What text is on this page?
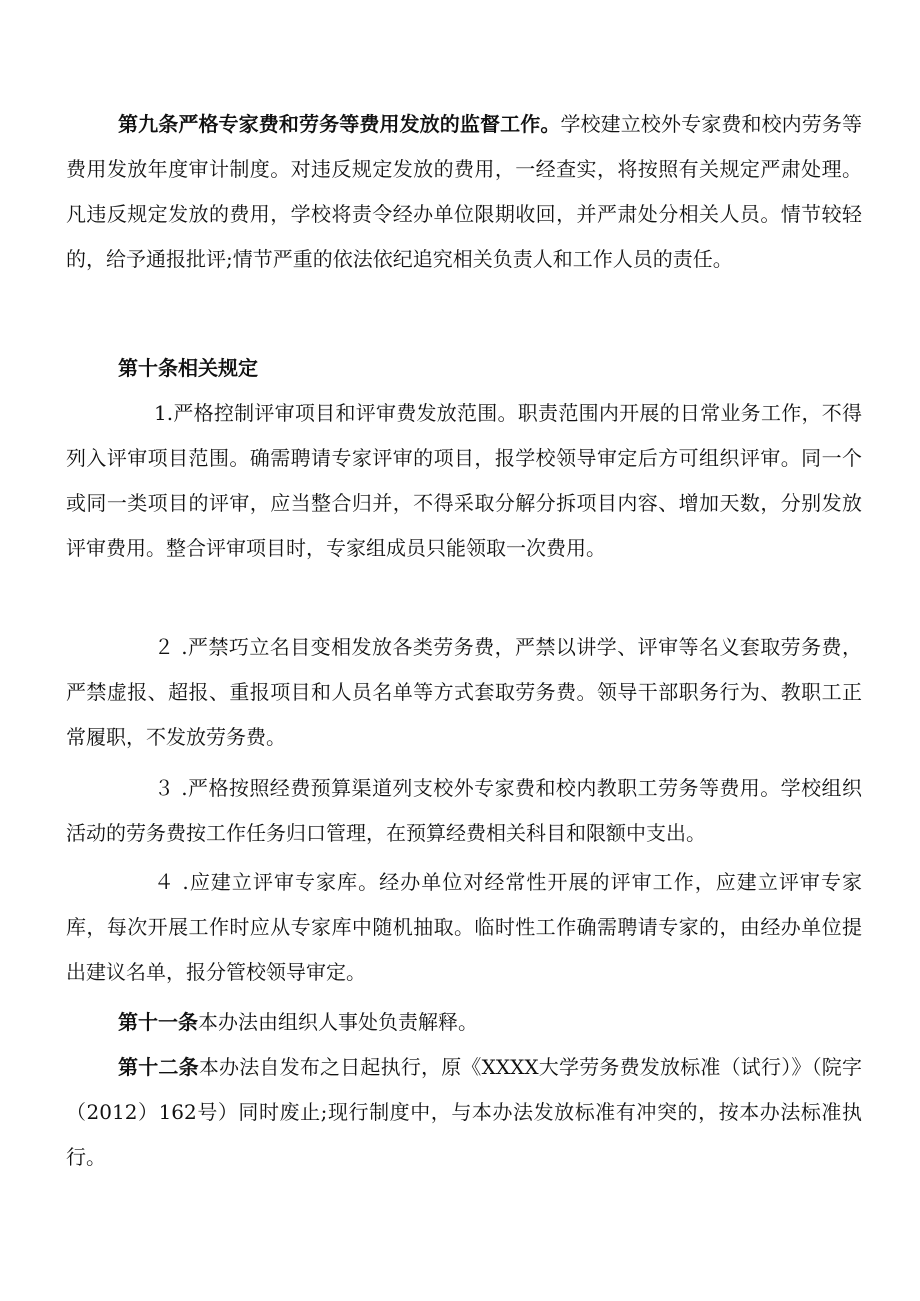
第九条严格专家费和劳务等费用发放的监督工作。学校建立校外专家费和校内劳务等费用发放年度审计制度。对违反规定发放的费用，一经查实，将按照有关规定严肃处理。凡违反规定发放的费用，学校将责令经办单位限期收回，并严肃处分相关人员。情节较轻的，给予通报批评;情节严重的依法依纪追究相关负责人和工作人员的责任。

第十条相关规定

1.严格控制评审项目和评审费发放范围。职责范围内开展的日常业务工作，不得列入评审项目范围。确需聘请专家评审的项目，报学校领导审定后方可组织评审。同一个或同一类项目的评审，应当整合归并，不得采取分解分拆项目内容、增加天数，分别发放评审费用。整合评审项目时，专家组成员只能领取一次费用。

２ .严禁巧立名目变相发放各类劳务费，严禁以讲学、评审等名义套取劳务费，严禁虚报、超报、重报项目和人员名单等方式套取劳务费。领导干部职务行为、教职工正常履职，不发放劳务费。

３ .严格按照经费预算渠道列支校外专家费和校内教职工劳务等费用。学校组织活动的劳务费按工作任务归口管理，在预算经费相关科目和限额中支出。

４ .应建立评审专家库。经办单位对经常性开展的评审工作，应建立评审专家库，每次开展工作时应从专家库中随机抽取。临时性工作确需聘请专家的，由经办单位提出建议名单，报分管校领导审定。

第十一条本办法由组织人事处负责解释。

第十二条本办法自发布之日起执行，原《XXXX大学劳务费发放标准（试行）》（院字（2012）162号）同时废止;现行制度中，与本办法发放标准有冲突的，按本办法标准执行。
